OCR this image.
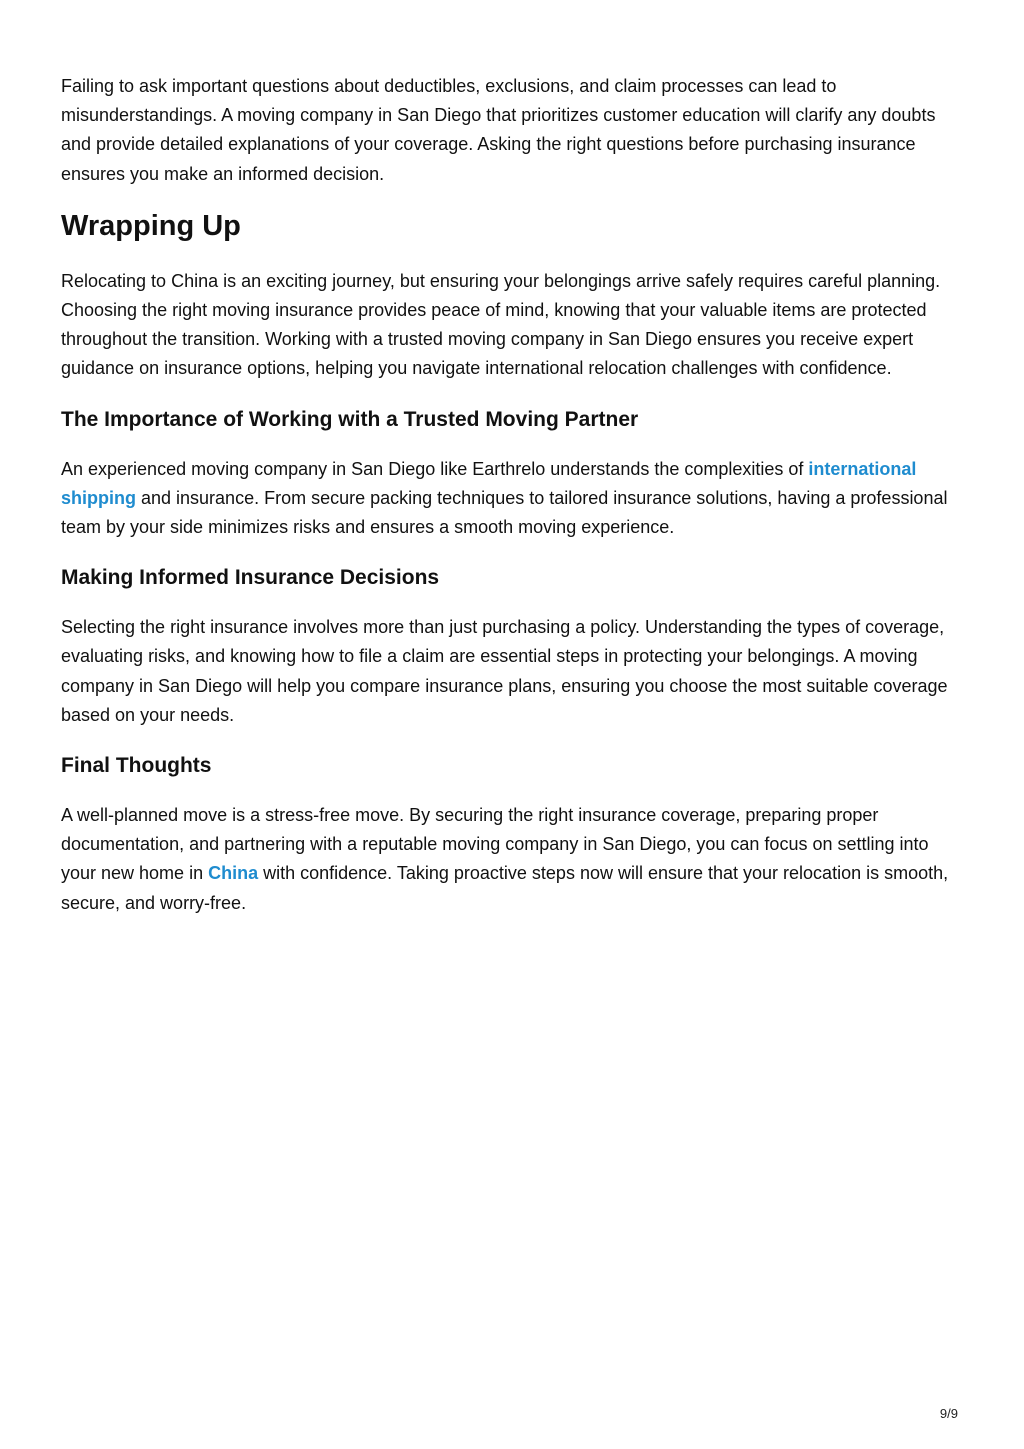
Failing to ask important questions about deductibles, exclusions, and claim processes can lead to misunderstandings. A moving company in San Diego that prioritizes customer education will clarify any doubts and provide detailed explanations of your coverage. Asking the right questions before purchasing insurance ensures you make an informed decision.

Wrapping Up

Relocating to China is an exciting journey, but ensuring your belongings arrive safely requires careful planning. Choosing the right moving insurance provides peace of mind, knowing that your valuable items are protected throughout the transition. Working with a trusted moving company in San Diego ensures you receive expert guidance on insurance options, helping you navigate international relocation challenges with confidence.

The Importance of Working with a Trusted Moving Partner

An experienced moving company in San Diego like Earthrelo understands the complexities of international shipping and insurance. From secure packing techniques to tailored insurance solutions, having a professional team by your side minimizes risks and ensures a smooth moving experience.

Making Informed Insurance Decisions

Selecting the right insurance involves more than just purchasing a policy. Understanding the types of coverage, evaluating risks, and knowing how to file a claim are essential steps in protecting your belongings. A moving company in San Diego will help you compare insurance plans, ensuring you choose the most suitable coverage based on your needs.

Final Thoughts

A well-planned move is a stress-free move. By securing the right insurance coverage, preparing proper documentation, and partnering with a reputable moving company in San Diego, you can focus on settling into your new home in China with confidence. Taking proactive steps now will ensure that your relocation is smooth, secure, and worry-free.

9/9
